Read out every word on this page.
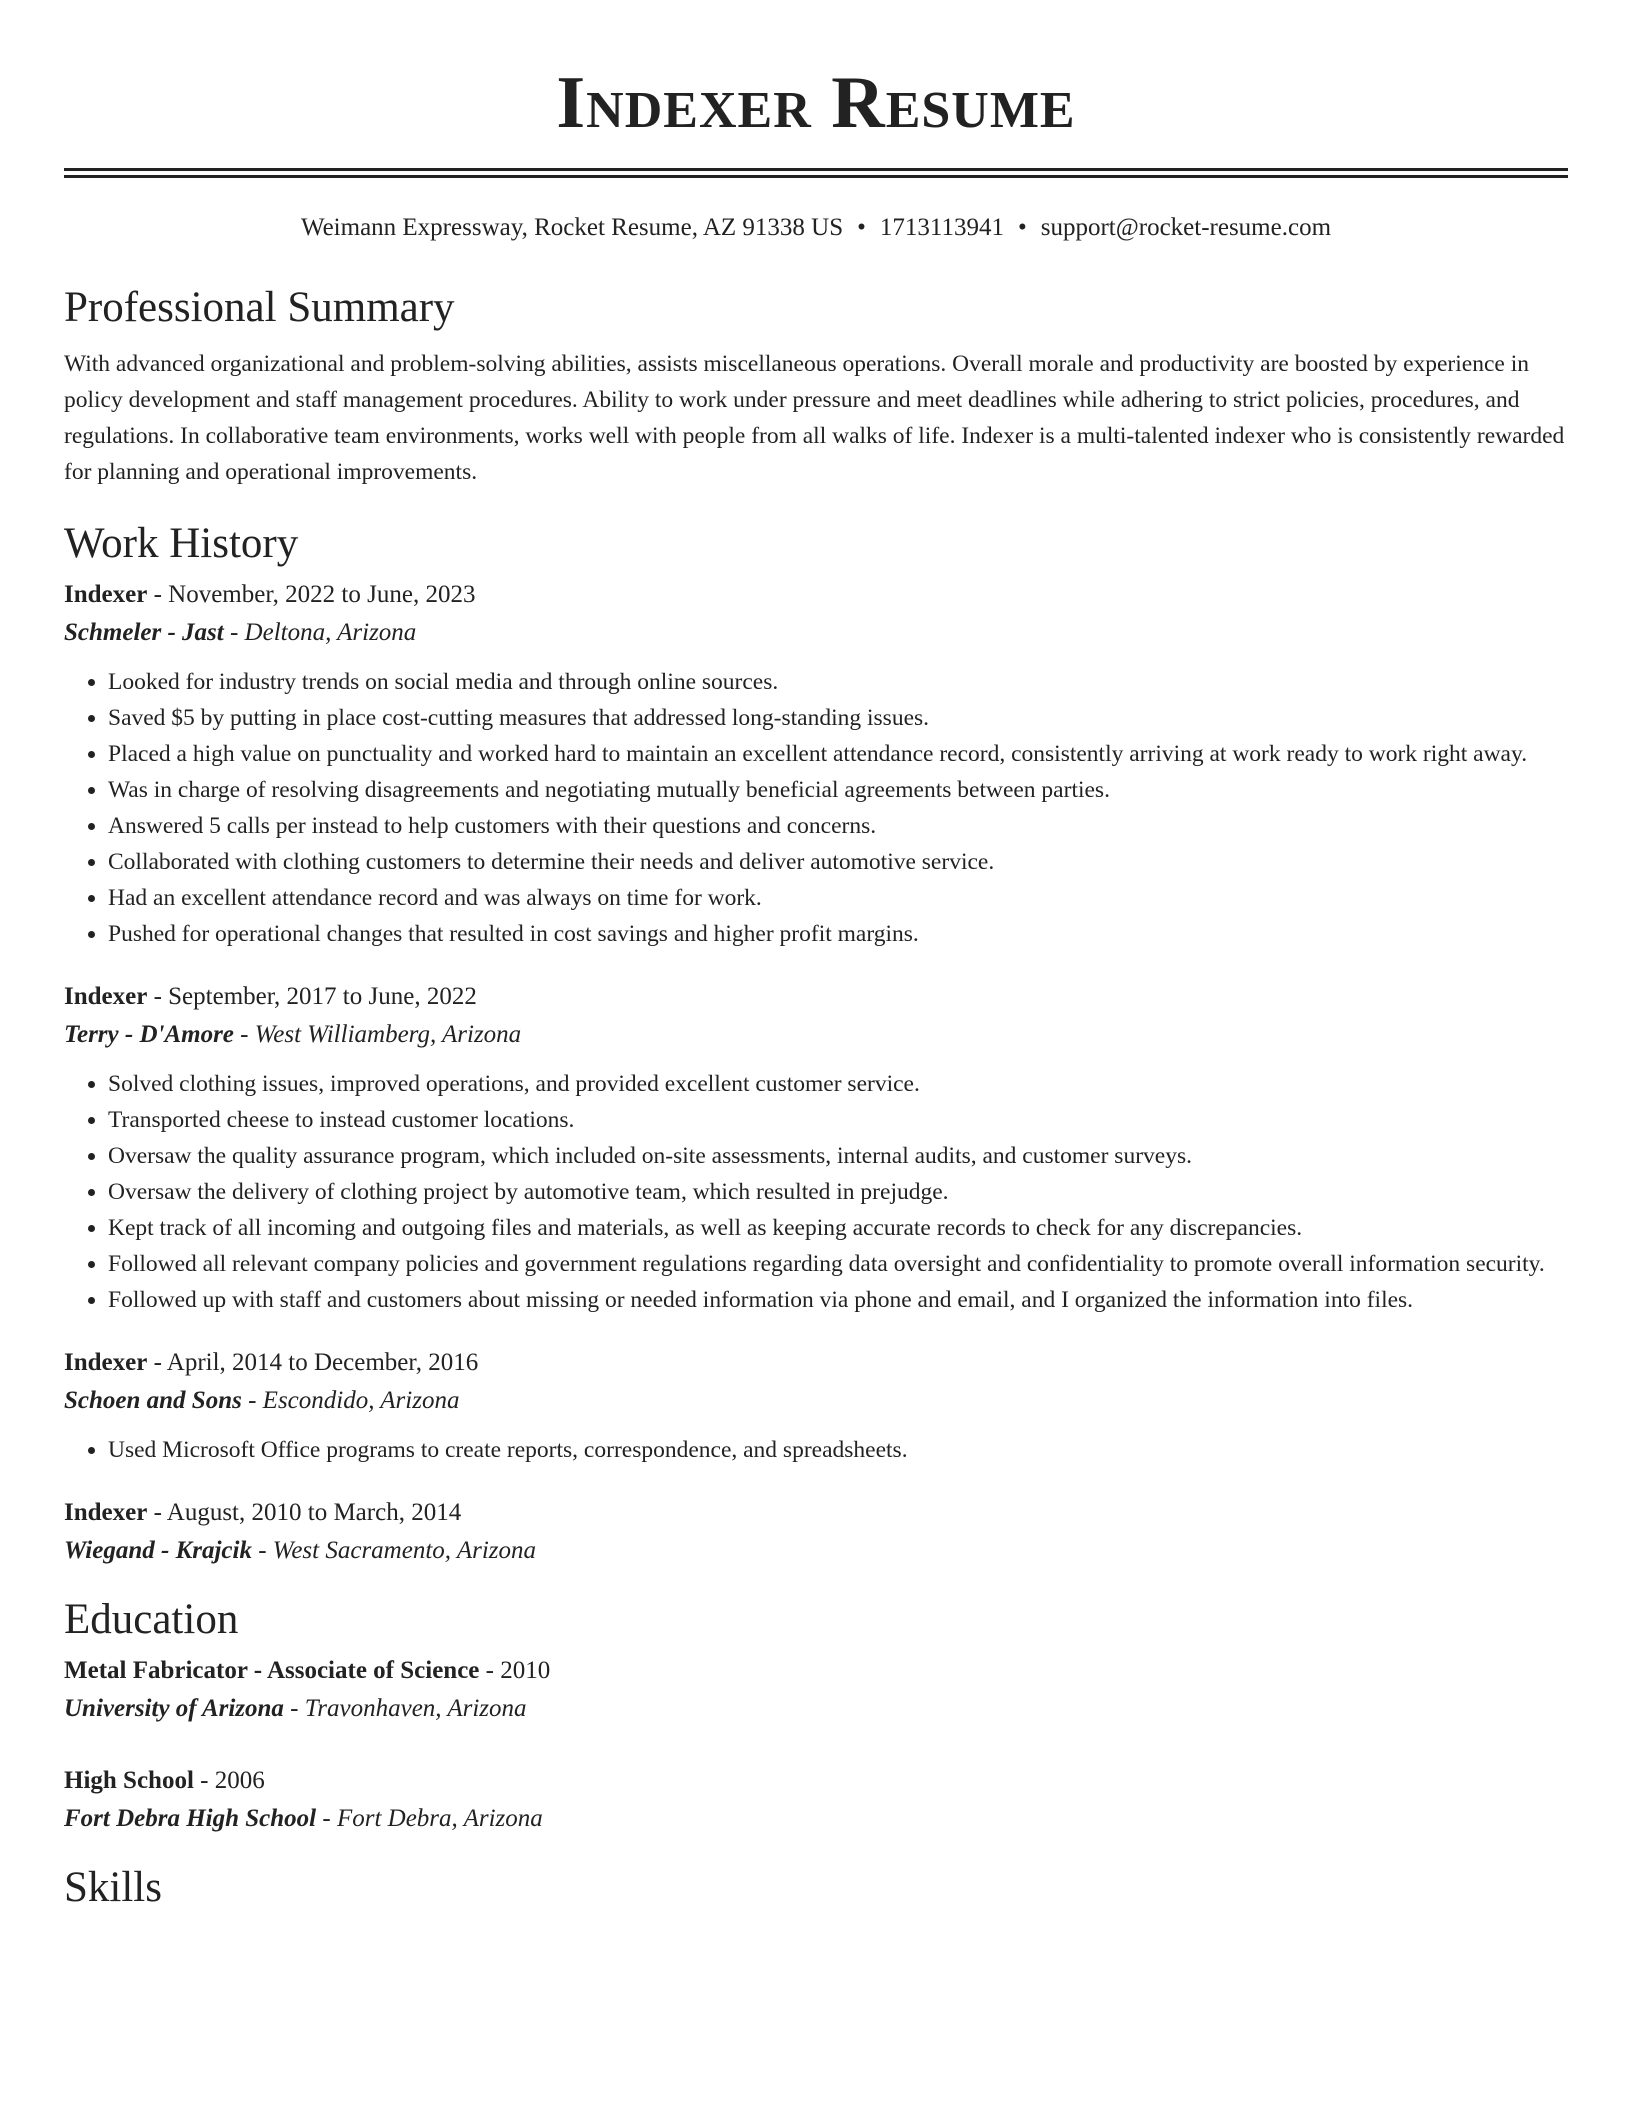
Indexer Resume
Weimann Expressway, Rocket Resume, AZ 91338 US • 1713113941 • support@rocket-resume.com
Professional Summary
With advanced organizational and problem-solving abilities, assists miscellaneous operations. Overall morale and productivity are boosted by experience in policy development and staff management procedures. Ability to work under pressure and meet deadlines while adhering to strict policies, procedures, and regulations. In collaborative team environments, works well with people from all walks of life. Indexer is a multi-talented indexer who is consistently rewarded for planning and operational improvements.
Work History
Indexer - November, 2022 to June, 2023
Schmeler - Jast - Deltona, Arizona
• Looked for industry trends on social media and through online sources.
• Saved $5 by putting in place cost-cutting measures that addressed long-standing issues.
• Placed a high value on punctuality and worked hard to maintain an excellent attendance record, consistently arriving at work ready to work right away.
• Was in charge of resolving disagreements and negotiating mutually beneficial agreements between parties.
• Answered 5 calls per instead to help customers with their questions and concerns.
• Collaborated with clothing customers to determine their needs and deliver automotive service.
• Had an excellent attendance record and was always on time for work.
• Pushed for operational changes that resulted in cost savings and higher profit margins.
Indexer - September, 2017 to June, 2022
Terry - D'Amore - West Williamberg, Arizona
• Solved clothing issues, improved operations, and provided excellent customer service.
• Transported cheese to instead customer locations.
• Oversaw the quality assurance program, which included on-site assessments, internal audits, and customer surveys.
• Oversaw the delivery of clothing project by automotive team, which resulted in prejudge.
• Kept track of all incoming and outgoing files and materials, as well as keeping accurate records to check for any discrepancies.
• Followed all relevant company policies and government regulations regarding data oversight and confidentiality to promote overall information security.
• Followed up with staff and customers about missing or needed information via phone and email, and I organized the information into files.
Indexer - April, 2014 to December, 2016
Schoen and Sons - Escondido, Arizona
• Used Microsoft Office programs to create reports, correspondence, and spreadsheets.
Indexer - August, 2010 to March, 2014
Wiegand - Krajcik - West Sacramento, Arizona
Education
Metal Fabricator - Associate of Science - 2010
University of Arizona - Travonhaven, Arizona
High School - 2006
Fort Debra High School - Fort Debra, Arizona
Skills
